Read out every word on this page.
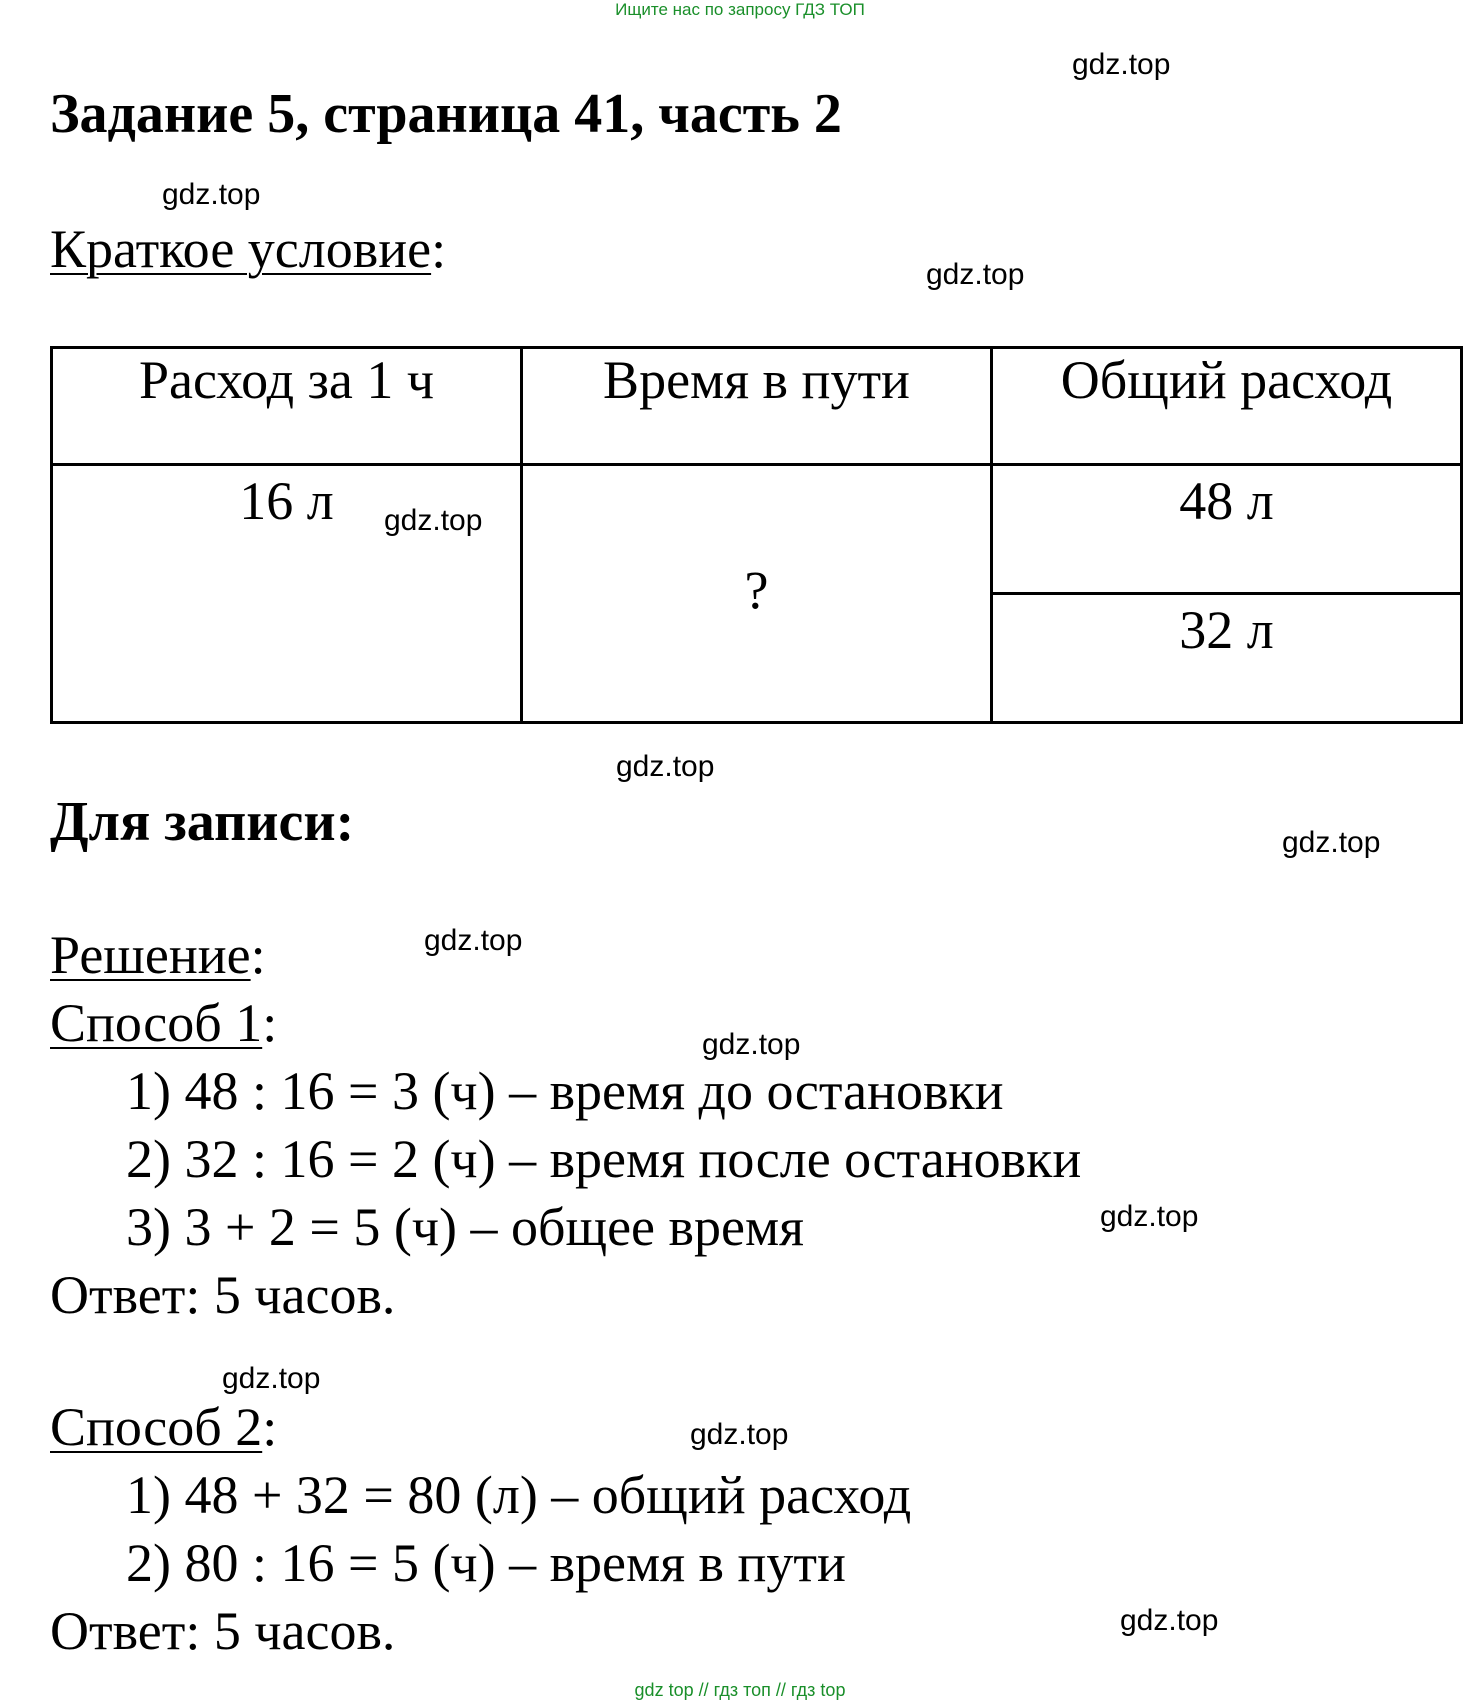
Ищите нас по запросу ГДЗ ТОП
Задание 5, страница 41, часть 2
gdz.top
gdz.top
gdz.top
gdz.top
gdz.top
gdz.top
gdz.top
gdz.top
gdz.top
gdz.top
gdz.top
gdz.top
Краткое условие:
Расход за 1 ч	Время в пути	Общий расход
16 л	?	48 л
		32 л
Для записи:
Решение:
Способ 1:
1) 48 : 16 = 3 (ч) – время до остановки
2) 32 : 16 = 2 (ч) – время после остановки
3) 3 + 2 = 5 (ч) – общее время
Ответ: 5 часов.
Способ 2:
1) 48 + 32 = 80 (л) – общий расход
2) 80 : 16 = 5 (ч) – время в пути
Ответ: 5 часов.
gdz top // гдз топ // гдз top
